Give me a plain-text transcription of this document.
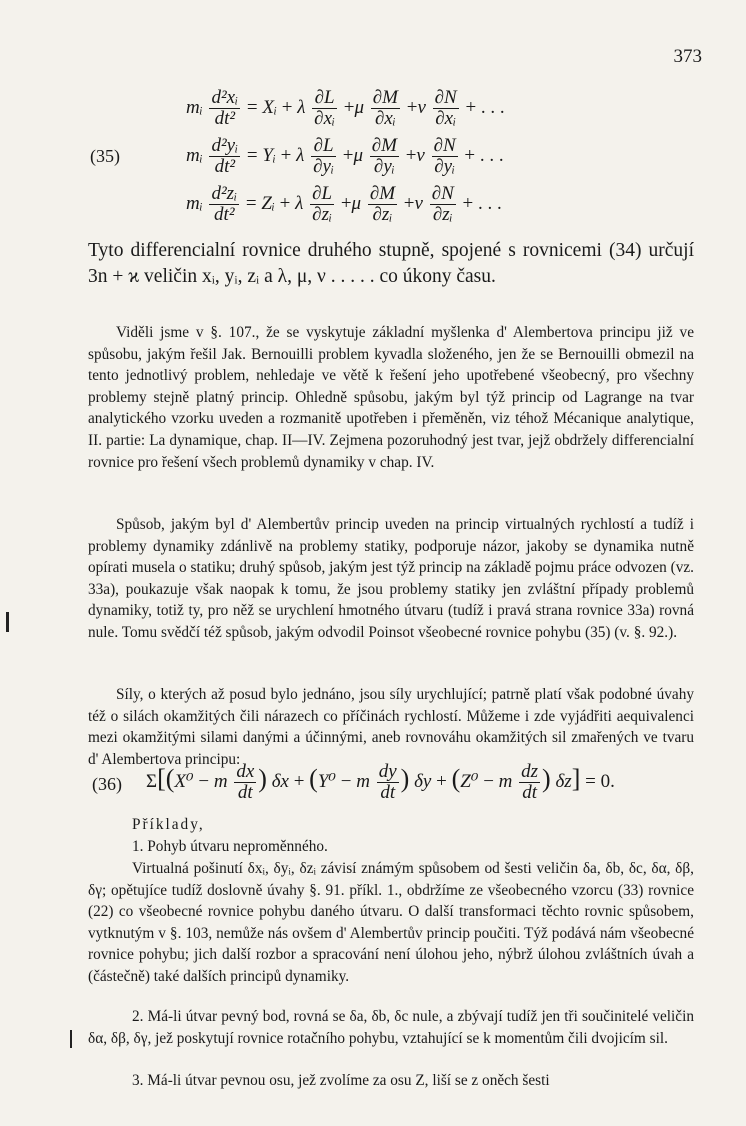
373
(35)
mᵢ $\frac{\text{d²xᵢ}}{\text{dt²}}$ = Xᵢ + λ $\frac{\partial L}{\text{∂xᵢ}} +\mu \frac{\partial M}{\text{∂xᵢ}} +\nu \frac{\partial N}{\text{∂xᵢ}}$ + . . .
mᵢ $\frac{\text{d²yᵢ}}{\text{dt²}}$ = Yᵢ + λ $\frac{\partial L}{\text{∂yᵢ}} +\mu \frac{\partial M}{\text{∂yᵢ}} +\nu \frac{\partial N}{\text{∂yᵢ}}$ + . . .
mᵢ $\frac{\text{d²zᵢ}}{\text{dt²}}$ = Zᵢ + λ $\frac{\partial L}{\text{∂zᵢ}} +\mu \frac{\partial M}{\text{∂zᵢ}} +\nu \frac{\partial N}{\text{∂zᵢ}}$ + . . .

Tyto differencialní rovnice druhého stupně, spojené s rovnicemi (34) určují 3n + ϰ veličin xᵢ, yᵢ, zᵢ a λ, μ, ν . . . . . co úkony času.

Viděli jsme v §. 107., že se vyskytuje základní myšlenka d' Alembertova principu již ve spůsobu, jakým řešil Jak. Bernouilli problem kyvadla složeného, jen že se Bernouilli obmezil na tento jednotlivý problem, nehledaje ve větě k řešení jeho upotřebené všeobecný, pro všechny problemy stejně platný princip. Ohledně spůsobu, jakým byl týž princip od Lagrange na tvar analytického vzorku uveden a rozmanitě upotřeben i přeměněn, viz téhož Mécanique analytique, II. partie: La dynamique, chap. II—IV. Zejmena pozoruhodný jest tvar, jejž obdržely differencialní rovnice pro řešení všech problemů dynamiky v chap. IV.

Spůsob, jakým byl d' Alembertův princip uveden na princip virtualných rychlostí a tudíž i problemy dynamiky zdánlivě na problemy statiky, podporuje názor, jakoby se dynamika nutně opírati musela o statiku; druhý spůsob, jakým jest týž princip na základě pojmu práce odvozen (vz. 33a), poukazuje však naopak k tomu, že jsou problemy statiky jen zvláštní případy problemů dynamiky, totiž ty, pro něž se urychlení hmotného útvaru (tudíž i pravá strana rovnice 33a) rovná nule. Tomu svědčí též spůsob, jakým odvodil Poinsot všeobecné rovnice pohybu (35) (v. §. 92.).

Síly, o kterých až posud bylo jednáno, jsou síly urychlující; patrně platí však podobné úvahy též o silách okamžitých čili nárazech co příčinách rychlostí. Můžeme i zde vyjádřiti aequivalenci mezi okamžitými silami danými a účinnými, aneb rovnováhu okamžitých sil zmařených ve tvaru d' Alembertova principu:

(36) Σ[(X⁰ − m $\frac{dx}{dt}$ ) δx + (Y⁰ − m $\frac{dy}{dt}$ ) δy + (Z⁰ − m $\frac{dz}{dt}$ ) δz] = 0.

Příklady,

1. Pohyb útvaru neproměnného.

Virtualná pošinutí δxᵢ, δyᵢ, δzᵢ závisí známým spůsobem od šesti veličin δa, δb, δc, δα, δβ, δγ; opětujíce tudíž doslovně úvahy §. 91. příkl. 1., obdržíme ze všeobecného vzorcu (33) rovnice (22) co všeobecné rovnice pohybu daného útvaru. O další transformaci těchto rovnic spůsobem, vytknutým v §. 103, nemůže nás ovšem d' Alembertův princip poučiti. Týž podává nám všeobecné rovnice pohybu; jich další rozbor a spracování není úlohou jeho, nýbrž úlohou zvláštních úvah a (částečně) také dalších principů dynamiky.

2. Má-li útvar pevný bod, rovná se δa, δb, δc nule, a zbývají tudíž jen tři součinitelé veličin δα, δβ, δγ, jež poskytují rovnice rotačního pohybu, vztahující se k momentům čili dvojicím sil.

3. Má-li útvar pevnou osu, jež zvolíme za osu Z, liší se z oněch šesti
